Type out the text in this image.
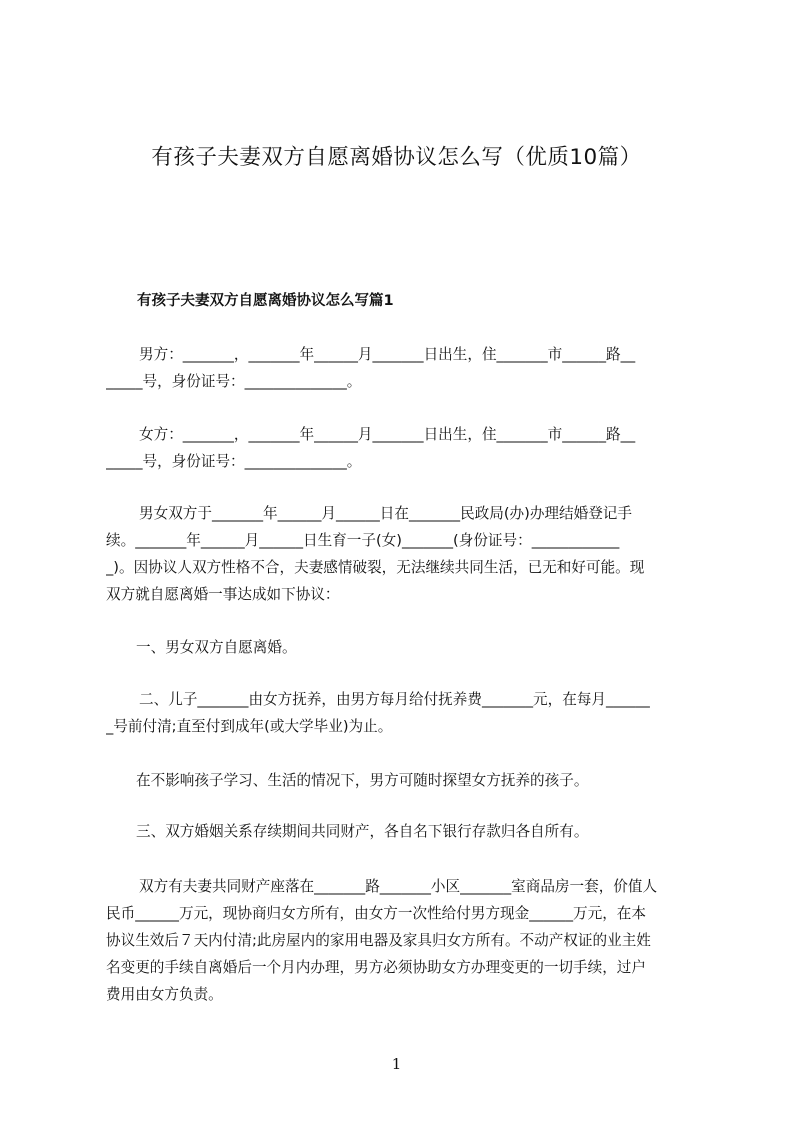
有孩子夫妻双方自愿离婚协议怎么写（优质10篇）
有孩子夫妻双方自愿离婚协议怎么写篇1
男方：_______，_______年______月_______日出生，住_______市______路__
_____号，身份证号：______________。
女方：_______，_______年______月_______日出生，住_______市______路__
_____号，身份证号：______________。
男女双方于_______年______月______日在_______民政局(办)办理结婚登记手
续。_______年______月______日生育一子(女)_______(身份证号：____________
_)。因协议人双方性格不合，夫妻感情破裂，无法继续共同生活，已无和好可能。现
双方就自愿离婚一事达成如下协议：
一、男女双方自愿离婚。
二、儿子_______由女方抚养，由男方每月给付抚养费_______元，在每月______
_号前付清;直至付到成年(或大学毕业)为止。
在不影响孩子学习、生活的情况下，男方可随时探望女方抚养的孩子。
三、双方婚姻关系存续期间共同财产，各自名下银行存款归各自所有。
双方有夫妻共同财产座落在_______路_______小区_______室商品房一套，价值人
民币______万元，现协商归女方所有，由女方一次性给付男方现金______万元，在本
协议生效后７天内付清;此房屋内的家用电器及家具归女方所有。不动产权证的业主姓
名变更的手续自离婚后一个月内办理，男方必须协助女方办理变更的一切手续，过户
费用由女方负责。
1
